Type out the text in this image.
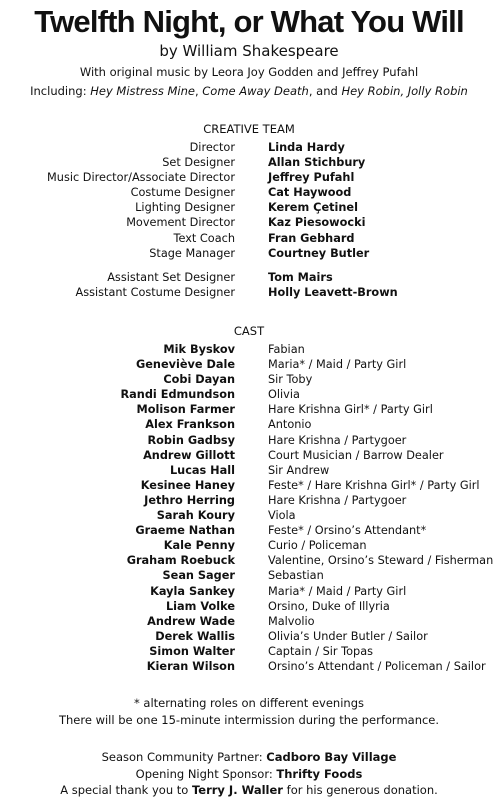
Twelfth Night, or What You Will
by William Shakespeare
With original music by Leora Joy Godden and Jeffrey Pufahl
Including: Hey Mistress Mine, Come Away Death, and Hey Robin, Jolly Robin
CREATIVE TEAM
Director	Linda Hardy
Set Designer	Allan Stichbury
Music Director/Associate Director	Jeffrey Pufahl
Costume Designer	Cat Haywood
Lighting Designer	Kerem Çetinel
Movement Director	Kaz Piesowocki
Text Coach	Fran Gebhard
Stage Manager	Courtney Butler
Assistant Set Designer	Tom Mairs
Assistant Costume Designer	Holly Leavett-Brown
CAST
Mik Byskov	Fabian
Geneviève Dale	Maria* / Maid / Party Girl
Cobi Dayan	Sir Toby
Randi Edmundson	Olivia
Molison Farmer	Hare Krishna Girl* / Party Girl
Alex Frankson	Antonio
Robin Gadbsy	Hare Krishna / Partygoer
Andrew Gillott	Court Musician / Barrow Dealer
Lucas Hall	Sir Andrew
Kesinee Haney	Feste* / Hare Krishna Girl* / Party Girl
Jethro Herring	Hare Krishna / Partygoer
Sarah Koury	Viola
Graeme Nathan	Feste* / Orsino’s Attendant*
Kale Penny	Curio / Policeman
Graham Roebuck	Valentine, Orsino’s Steward / Fisherman
Sean Sager	Sebastian
Kayla Sankey	Maria* / Maid / Party Girl
Liam Volke	Orsino, Duke of Illyria
Andrew Wade	Malvolio
Derek Wallis	Olivia’s Under Butler / Sailor
Simon Walter	Captain / Sir Topas
Kieran Wilson	Orsino’s Attendant / Policeman / Sailor
* alternating roles on different evenings
There will be one 15-minute intermission during the performance.
Season Community Partner: Cadboro Bay Village
Opening Night Sponsor: Thrifty Foods
A special thank you to Terry J. Waller for his generous donation.
